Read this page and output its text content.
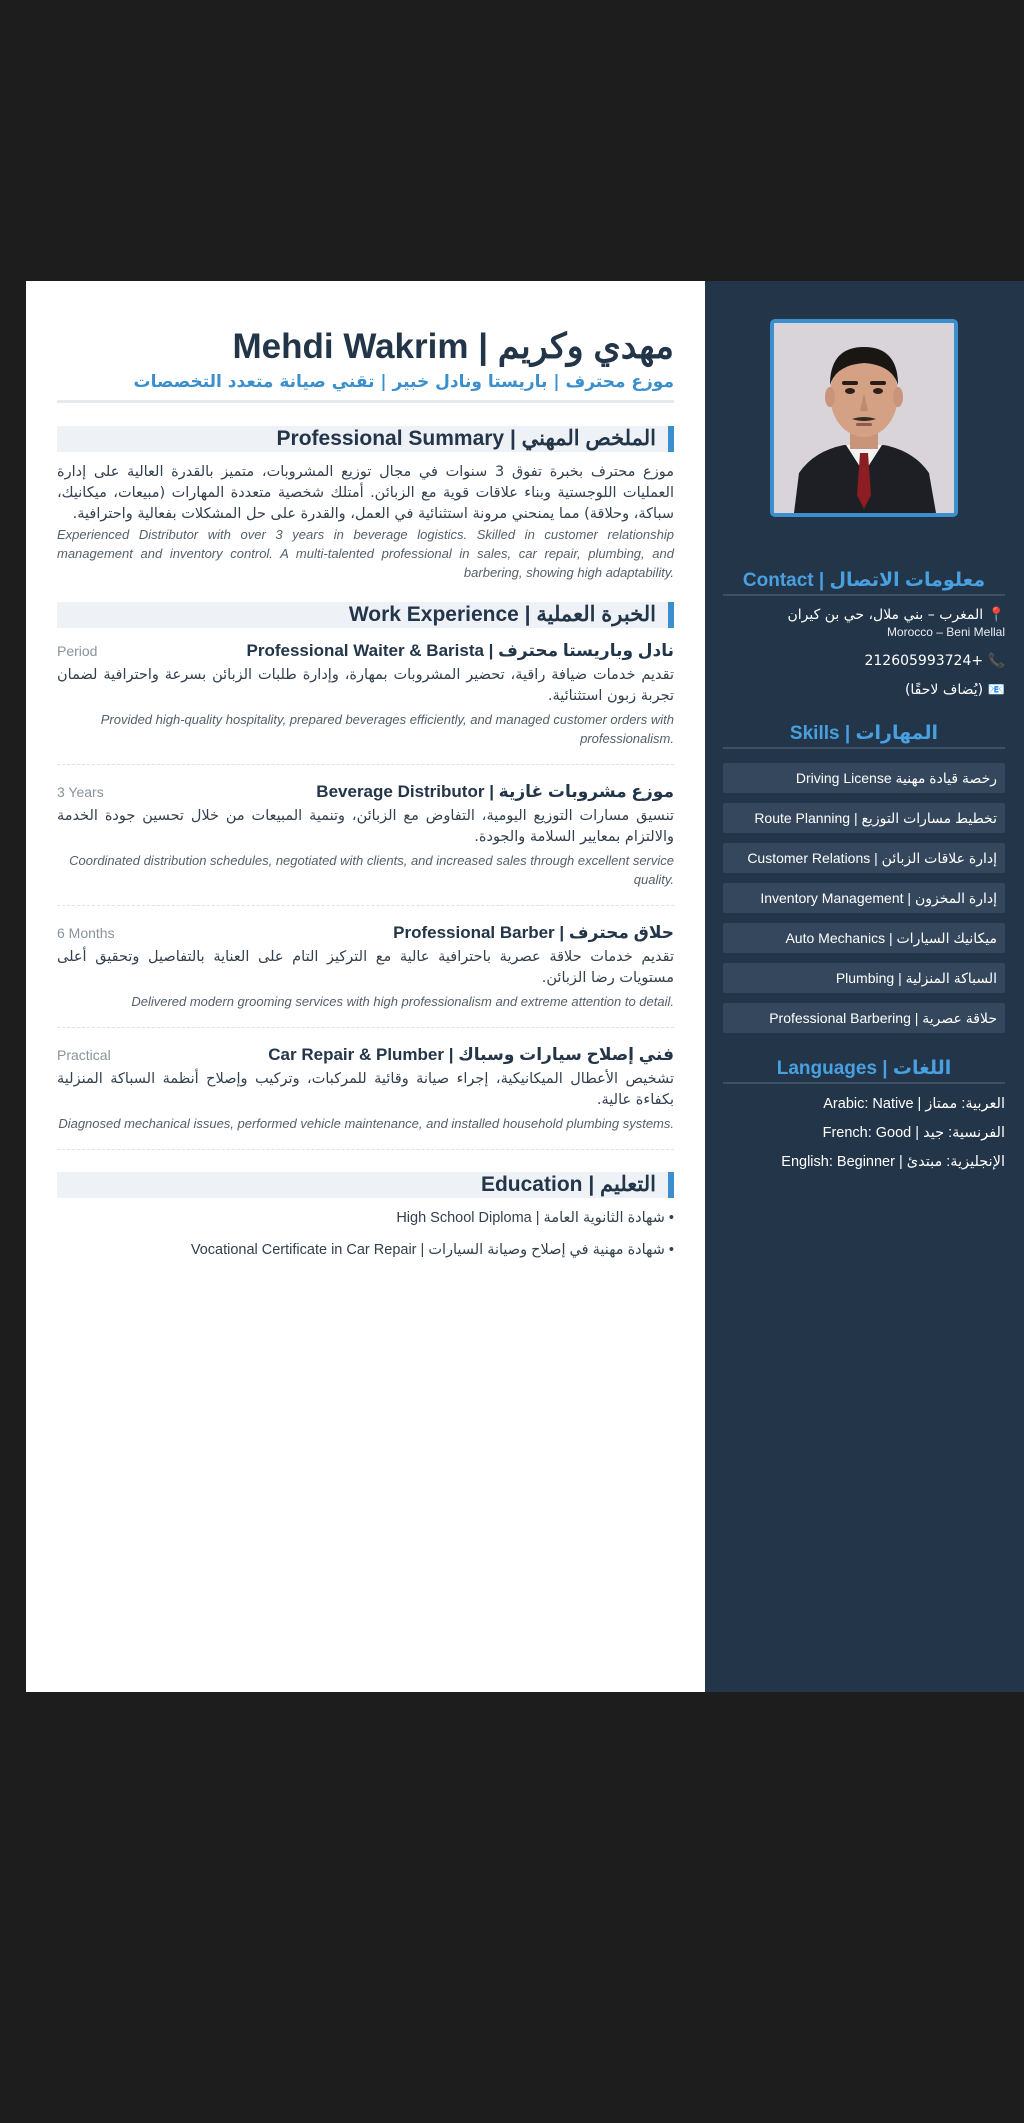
مهدي وكريم | Mehdi Wakrim
موزع محترف | باريستا ونادل خبير | تقني صيانة متعدد التخصصات
الملخص المهني | Professional Summary

موزع محترف بخبرة تفوق 3 سنوات في مجال توزيع المشروبات، متميز بالقدرة العالية على إدارة العمليات اللوجستية وبناء علاقات قوية مع الزبائن. أمتلك شخصية متعددة المهارات (مبيعات، ميكانيك، سباكة، وحلاقة) مما يمنحني مرونة استثنائية في العمل، والقدرة على حل المشكلات بفعالية واحترافية.

Experienced Distributor with over 3 years in beverage logistics. Skilled in customer relationship management and inventory control. A multi-talented professional in sales, car repair, plumbing, and barbering, showing high adaptability.

الخبرة العملية | Work Experience
Period	نادل وباريستا محترف | Professional Waiter & Barista

تقديم خدمات ضيافة راقية، تحضير المشروبات بمهارة، وإدارة طلبات الزبائن بسرعة واحترافية لضمان تجربة زبون استثنائية.

Provided high-quality hospitality, prepared beverages efficiently, and managed customer orders with professionalism.

3 Years	موزع مشروبات غازية | Beverage Distributor

تنسيق مسارات التوزيع اليومية، التفاوض مع الزبائن، وتنمية المبيعات من خلال تحسين جودة الخدمة والالتزام بمعايير السلامة والجودة.

Coordinated distribution schedules, negotiated with clients, and increased sales through excellent service quality.

6 Months	حلاق محترف | Professional Barber

تقديم خدمات حلاقة عصرية باحترافية عالية مع التركيز التام على العناية بالتفاصيل وتحقيق أعلى مستويات رضا الزبائن.

Delivered modern grooming services with high professionalism and extreme attention to detail.

Practical	فني إصلاح سيارات وسباك | Car Repair & Plumber

تشخيص الأعطال الميكانيكية، إجراء صيانة وقائية للمركبات، وتركيب وإصلاح أنظمة السباكة المنزلية بكفاءة عالية.

Diagnosed mechanical issues, performed vehicle maintenance, and installed household plumbing systems.

التعليم | Education
• شهادة الثانوية العامة | High School Diploma
• شهادة مهنية في إصلاح وصيانة السيارات | Vocational Certificate in Car Repair
معلومات الاتصال | Contact
📍 المغرب – بني ملال، حي بن كيران
Morocco – Beni Mellal
📞 +212605993724
📧 (يُضاف لاحقًا)
المهارات | Skills
رخصة قيادة مهنية Driving License
تخطيط مسارات التوزيع | Route Planning
إدارة علاقات الزبائن | Customer Relations
إدارة المخزون | Inventory Management
ميكانيك السيارات | Auto Mechanics
السباكة المنزلية | Plumbing
حلاقة عصرية | Professional Barbering
اللغات | Languages
العربية: ممتاز | Arabic: Native
الفرنسية: جيد | French: Good
الإنجليزية: مبتدئ | English: Beginner
